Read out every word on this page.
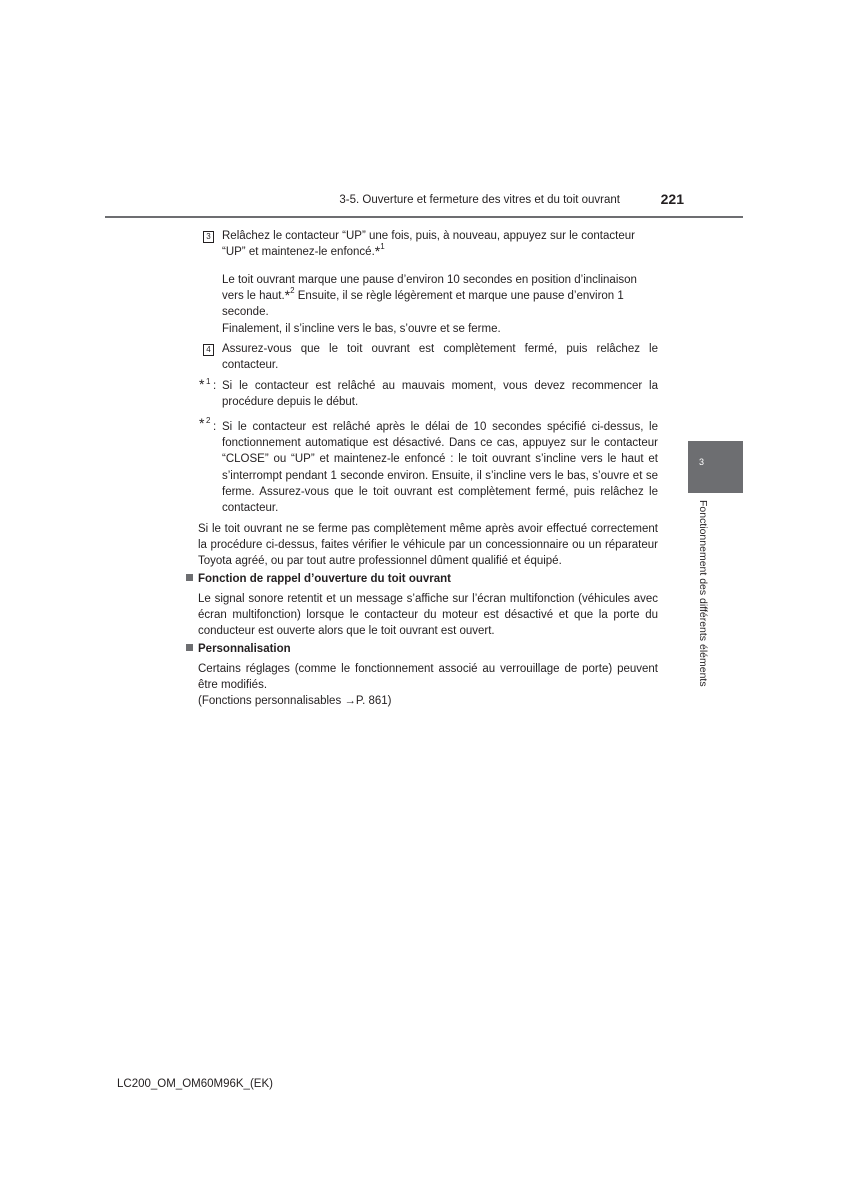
3-5. Ouverture et fermeture des vitres et du toit ouvrant	221
3
Fonctionnement des différents éléments
3 Relâchez le contacteur “UP” une fois, puis, à nouveau, appuyez sur le contacteur
“UP” et maintenez-le enfoncé.*$^1$
Le toit ouvrant marque une pause d’environ 10 secondes en position d’inclinaison
vers le haut.*$^2$ Ensuite, il se règle légèrement et marque une pause d’environ 1
seconde.
Finalement, il s’incline vers le bas, s’ouvre et se ferme.
4 Assurez-vous que le toit ouvrant est complètement fermé, puis relâchez le contacteur.
* 1 : Si le contacteur est relâché au mauvais moment, vous devez recommencer la procédure depuis le début.
* 2
: Si le contacteur est relâché après le délai de 10 secondes spécifié ci-dessus, le fonctionnement automatique est désactivé. Dans ce cas, appuyez sur le contacteur “CLOSE” ou “UP” et maintenez-le enfoncé : le toit ouvrant s’incline vers le haut et s’interrompt pendant 1 seconde environ. Ensuite, il s’incline vers le bas, s’ouvre et se ferme. Assurez-vous que le toit ouvrant est complètement fermé, puis relâchez le contacteur.
Si le toit ouvrant ne se ferme pas complètement même après avoir effectué correctement la procédure ci-dessus, faites vérifier le véhicule par un concessionnaire ou un réparateur Toyota agréé, ou par tout autre professionnel dûment qualifié et équipé.
Fonction de rappel d’ouverture du toit ouvrant
Le signal sonore retentit et un message s’affiche sur l’écran multifonction (véhicules avec écran multifonction) lorsque le contacteur du moteur est désactivé et que la porte du conducteur est ouverte alors que le toit ouvrant est ouvert.
Personnalisation
Certains réglages (comme le fonctionnement associé au verrouillage de porte) peuvent être modifiés.
(Fonctions personnalisables →P. 861)
LC200_OM_OM60M96K_(EK)
